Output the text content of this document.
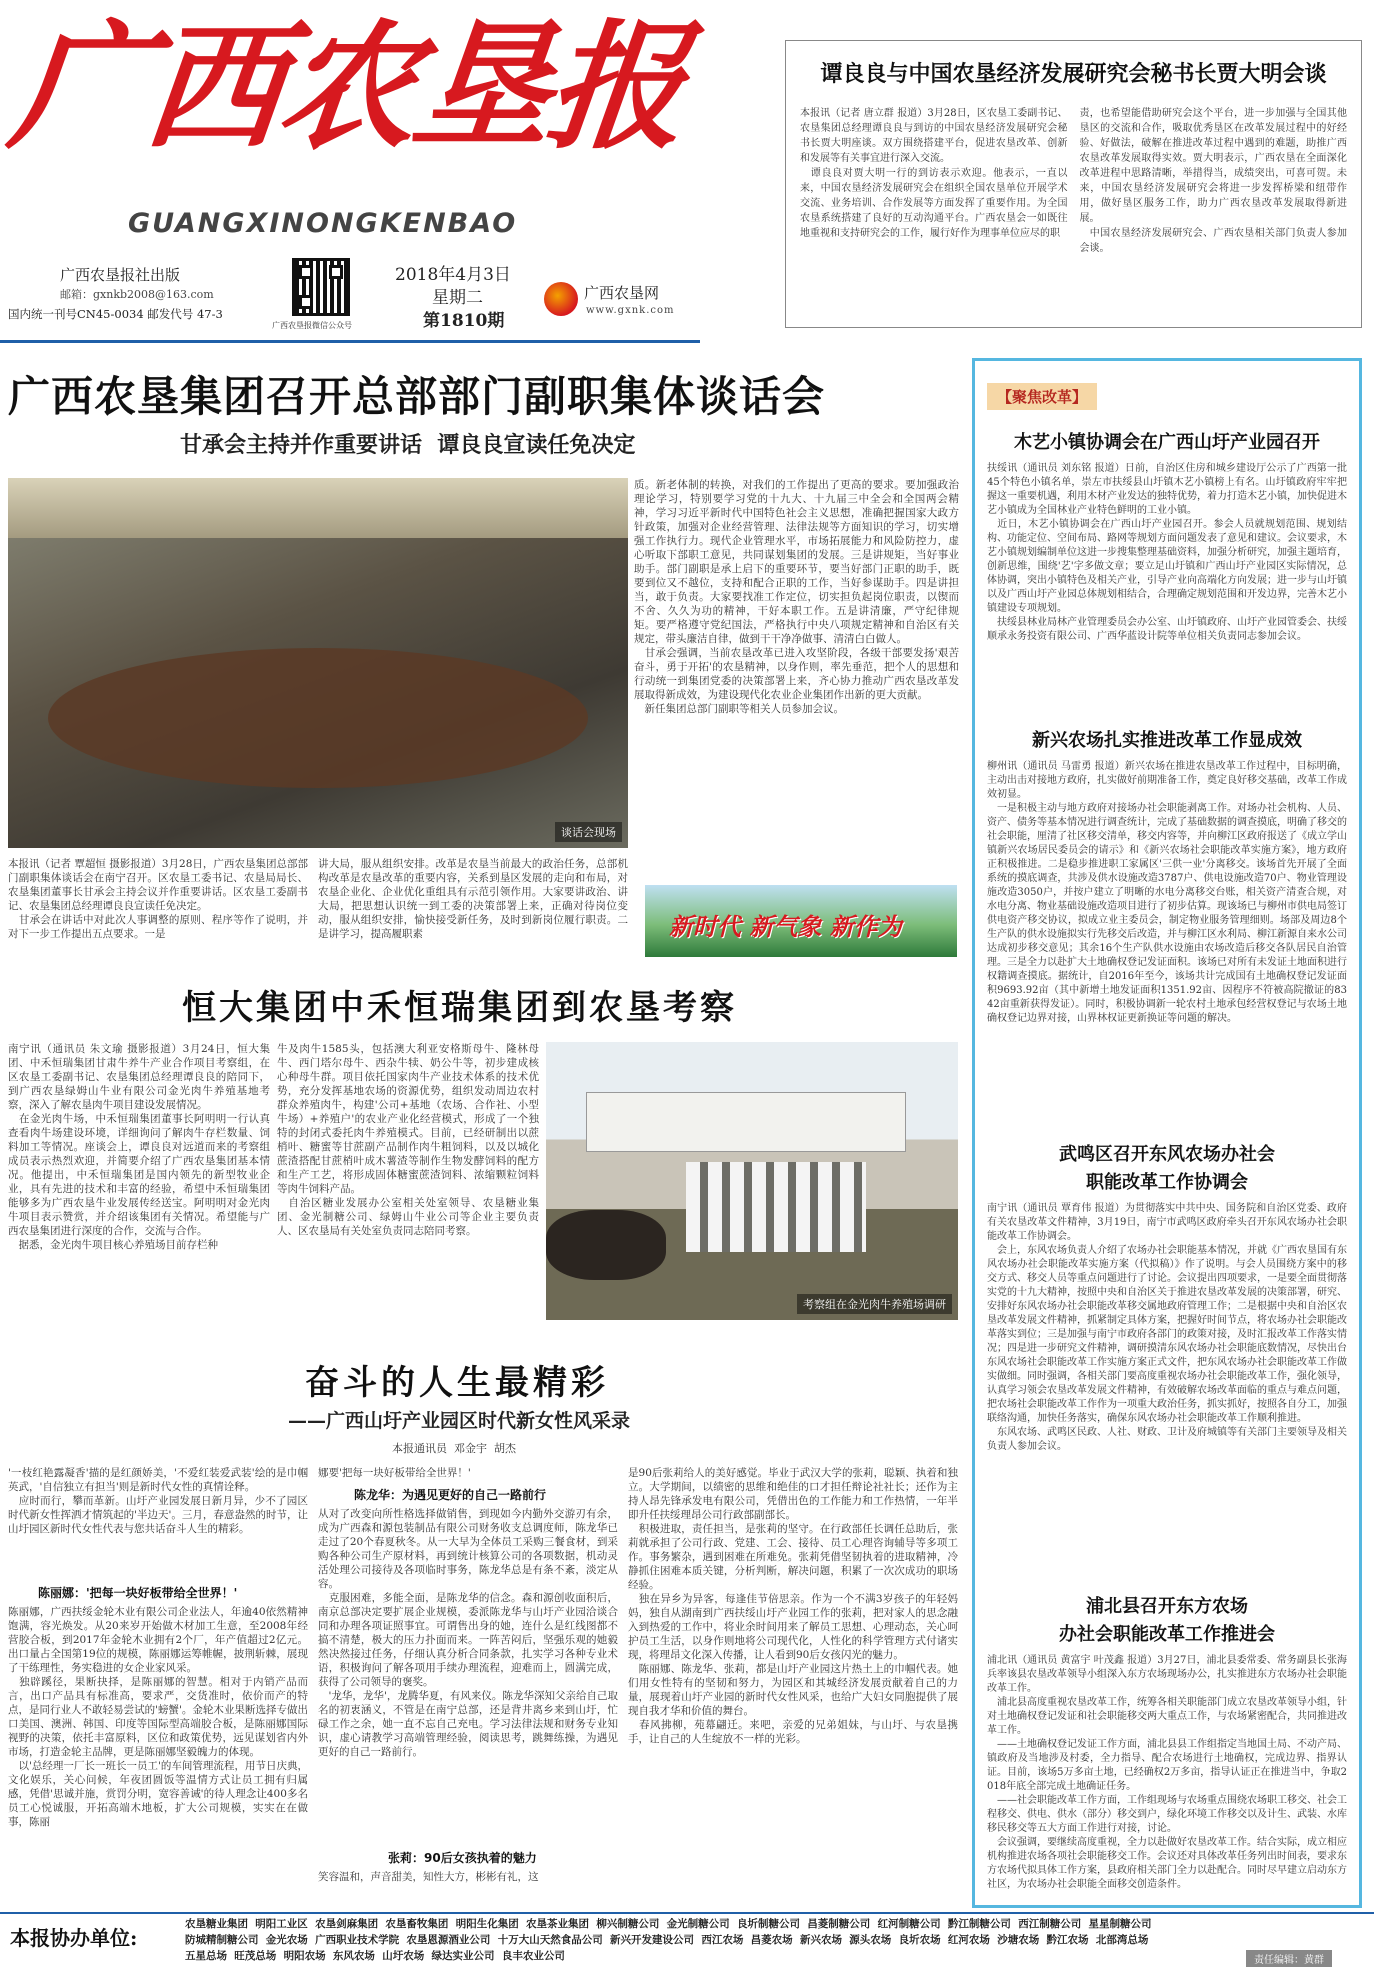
广西农垦报
GUANGXINONGKENBAO
广西农垦报社出版
邮箱：gxnkb2008@163.com
国内统一刊号CN45-0034 邮发代号 47-3
广西农垦报微信公众号
2018年4月3日
星期二
第1810期
广西农垦网
www.gxnk.com
谭良良与中国农垦经济发展研究会秘书长贾大明会谈
本报讯（记者 唐立群 报道）3月28日，区农垦工委副书记、农垦集团总经理谭良良与到访的中国农垦经济发展研究会秘书长贾大明座谈。双方围绕搭建平台，促进农垦改革、创新和发展等有关事宜进行深入交流。
　谭良良对贾大明一行的到访表示欢迎。他表示，一直以来，中国农垦经济发展研究会在组织全国农垦单位开展学术交流、业务培训、合作发展等方面发挥了重要作用。为全国农垦系统搭建了良好的互动沟通平台。广西农垦会一如既往地重视和支持研究会的工作，履行好作为理事单位应尽的职
责，也希望能借助研究会这个平台，进一步加强与全国其他垦区的交流和合作，吸取优秀垦区在改革发展过程中的好经验、好做法，破解在推进改革过程中遇到的难题，助推广西农垦改革发展取得实效。贾大明表示，广西农垦在全面深化改革进程中思路清晰，举措得当，成绩突出，可喜可贺。未来，中国农垦经济发展研究会将进一步发挥桥梁和纽带作用，做好垦区服务工作，助力广西农垦改革发展取得新进展。
　中国农垦经济发展研究会、广西农垦相关部门负责人参加会谈。
广西农垦集团召开总部部门副职集体谈话会
甘承会主持并作重要讲话  谭良良宣读任免决定
谈话会现场
质。新老体制的转换，对我们的工作提出了更高的要求。要加强政治理论学习，特别要学习党的十九大、十九届三中全会和全国两会精神，学习习近平新时代中国特色社会主义思想，准确把握国家大政方针政策，加强对企业经营管理、法律法规等方面知识的学习，切实增强工作执行力。现代企业管理水平，市场拓展能力和风险防控力，虚心听取下部职工意见，共同谋划集团的发展。三是讲规矩，当好事业助手。部门副职是承上启下的重要环节，要当好部门正职的助手，既要到位又不越位，支持和配合正职的工作，当好参谋助手。四是讲担当，敢于负责。大家要找准工作定位，切实担负起岗位职责，以锲而不舍、久久为功的精神，干好本职工作。五是讲清廉，严守纪律规矩。要严格遵守党纪国法，严格执行中央八项规定精神和自治区有关规定，带头廉洁自律，做到干干净净做事、清清白白做人。
　甘承会强调，当前农垦改革已进入攻坚阶段，各级干部要发扬'艰苦奋斗，勇于开拓'的农垦精神，以身作则，率先垂范，把个人的思想和行动统一到集团党委的决策部署上来，齐心协力推动广西农垦改革发展取得新成效，为建设现代化农业企业集团作出新的更大贡献。
　新任集团总部门副职等相关人员参加会议。
本报讯（记者 覃超恒 摄影报道）3月28日，广西农垦集团总部部门副职集体谈话会在南宁召开。区农垦工委书记、农垦局局长、农垦集团董事长甘承会主持会议并作重要讲话。区农垦工委副书记、农垦集团总经理谭良良宣读任免决定。
　甘承会在讲话中对此次人事调整的原则、程序等作了说明，并对下一步工作提出五点要求。一是
讲大局，服从组织安排。改革是农垦当前最大的政治任务，总部机构改革是农垦改革的重要内容，关系到垦区发展的走向和布局，对农垦企业化、企业优化重组具有示范引领作用。大家要讲政治、讲大局，把思想认识统一到工委的决策部署上来，正确对待岗位变动，服从组织安排，愉快接受新任务，及时到新岗位履行职责。二是讲学习，提高履职素	新时代 新气象 新作为
恒大集团中禾恒瑞集团到农垦考察
南宁讯（通讯员 朱文瑜 摄影报道）3月24日，恒大集团、中禾恒瑞集团甘肃牛养牛产业合作项目考察组，在区农垦工委副书记、农垦集团总经理谭良良的陪同下，到广西农垦绿姆山牛业有限公司金光肉牛养殖基地考察，深入了解农垦肉牛项目建设发展情况。
　在金光肉牛场，中禾恒瑞集团董事长阿明明一行认真查看肉牛场建设环境，详细询问了解肉牛存栏数量、饲料加工等情况。座谈会上，谭良良对远道而来的考察组成员表示热烈欢迎，并简要介绍了广西农垦集团基本情况。他提出，中禾恒瑞集团是国内领先的新型牧业企业，具有先进的技术和丰富的经验，希望中禾恒瑞集团能够多为广西农垦牛业发展传经送宝。阿明明对金光肉牛项目表示赞赏，并介绍该集团有关情况。希望能与广西农垦集团进行深度的合作，交流与合作。
　据悉，金光肉牛项目核心养殖场目前存栏种
牛及肉牛1585头，包括澳大利亚安格斯母牛、隆林母牛、西门塔尔母牛、西杂牛犊、奶公牛等，初步建成核心种母牛群。项目依托国家肉牛产业技术体系的技术优势，充分发挥基地农场的资源优势，组织发动周边农村群众养殖肉牛，构建'公司+基地（农场、合作社、小型牛场）+养殖户'的农业产业化经营模式，形成了一个独特的封闭式委托肉牛养殖模式。目前，已经研制出以蔗梢叶、糖蜜等甘蔗副产品制作肉牛粗饲料，以及以城化蔗渣搭配甘蔗梢叶成木薯渣等制作生物发酵饲料的配方和生产工艺，将形成固体糖蜜蔗渣饲料、浓缩颗粒饲料等肉牛饲料产品。
　自治区糖业发展办公室相关处室领导、农垦糖业集团、金光制糖公司、绿姆山牛业公司等企业主要负责人、区农垦局有关处室负责同志陪同考察。
考察组在金光肉牛养殖场调研
奋斗的人生最精彩
——广西山圩产业园区时代新女性风采录
本报通讯员  邓金宇  胡杰
'一枝红艳露凝香'描的是红颜娇美，'不爱红装爱武装'绘的是巾帼英武，'自信独立有担当'则是新时代女性的真情诠释。
　应时而行，攀而革新。山圩产业园发展日新月异，少不了园区时代新女性挥洒才情筑起的'半边天'。三月，春意盎然的时节，让山圩园区新时代女性代表与您共话奋斗人生的精彩。
陈丽娜：'把每一块好板带给全世界！'
陈丽娜，广西扶绥金轮木业有限公司企业法人，年逾40依然精神饱满，容光焕发。从20来岁开始做木材加工生意，至2008年经营胶合板，到2017年金轮木业拥有2个厂，年产值超过2亿元。出口量占全国第19位的规模，陈丽娜运筹帷幄，披荆斩棘，展现了干练理性，务实稳进的女企业家风采。
　独辟蹊径，果断抉择，是陈丽娜的智慧。相对于内销产品而言，出口产品具有标准高，要求严，交货准时，依价而产的特点，是同行业人不敢轻易尝试的'螃蟹'。金轮木业果断选择专做出口美国、澳洲、韩国、印度等国际型高端胶合板，是陈丽娜国际视野的决策，依托丰富原料，区位和政策优势，远见谋划省内外市场，打造金轮主品牌，更是陈丽娜坚毅魄力的体现。
　以'总经理一厂长一班长一员工'的车间管理流程，用节日庆典，文化娱乐，关心问候，年夜团圆饭等温情方式让员工拥有归属感，凭借'思诚并施，赏罚分明，宽容善诫'的待人理念让400多名员工心悦诚服，开拓高端木地板，扩大公司规模，实实在在做事，陈丽
娜要'把每一块好板带给全世界！'
陈龙华：为遇见更好的自己一路前行
从对了改变向所性格选择做销售，到现如今内勤外交游刃有余，成为广西森和源包装制品有限公司财务收支总调度师，陈龙华已走过了20个春夏秋冬。从一大早为全体员工采购三餐食材，到采购各种公司生产原材料，再到统计核算公司的各项数据，机动灵活处理公司接待及各项临时事务，陈龙华总是有条不紊，淡定从容。
　克服困难，多能全面，是陈龙华的信念。森和源创收面积后，南京总部决定要扩展企业规模，委派陈龙华与山圩产业园洽谈合同和办理各项证照事宜。可谓售出身的她，连什么是红线图都不搞不清楚，极大的压力扑面而来。一阵苦闷后，坚强乐观的她毅然决然接过任务，仔细认真分析合同条款，扎实学习各种专业术语，积极询问了解各项用手续办理流程，迎难而上，圆满完成，获得了公司领导的褒奖。
　'龙华，龙华'，龙腾华夏，有风来仪。陈龙华深知父亲给自己取名的初衷涵义，不管是在南宁总部，还是背井离乡来到山圩，忙碌工作之余，她一直不忘自己充电。学习法律法规和财务专业知识，虚心请教学习高端管理经验，阅读思考，跳舞练操，为遇见更好的自己一路前行。
张莉：90后女孩执着的魅力
笑容温和，声音甜美，知性大方，彬彬有礼，这
是90后张莉给人的美好感觉。毕业于武汉大学的张莉，聪颖、执着和独立。大学期间，以绩密的思维和绝佳的口才担任辩论社社长；还作为主持人昂先锋承发电有限公司，凭借出色的工作能力和工作热情，一年半即升任扶绥理昂公司行政部副部长。
　积极进取，责任担当，是张莉的坚守。在行政部任长调任总助后，张莉就承担了公司行政、党建、工会、接待、员工心理咨询辅导等多项工作。事务繁杂，遇到困难在所难免。张莉凭借坚韧执着的进取精神，冷静抓住困难本质关键，分析判断，解决问题，积累了一次次成功的职场经验。
　独在异乡为异客，每逢佳节倍思亲。作为一个不满3岁孩子的年轻妈妈，独自从湖南到广西扶绥山圩产业园工作的张莉，把对家人的思念融入到热爱的工作中，将业余时间用来了解员工思想、心理动态，关心呵护员工生活，以身作则地将公司现代化，人性化的科学管理方式付诸实现，将理昂文化深入传播，让人看到90后女孩闪光的魅力。
　陈丽娜、陈龙华、张莉，都是山圩产业园这片热土上的巾帼代表。她们用女性特有的坚韧和努力，为园区和其城经济发展贡献着自己的力量，展现着山圩产业园的新时代女性风采，也给广大妇女同胞提供了展现自我才华和价值的舞台。
　春风拂柳，苑幕翩迁。来吧，亲爱的兄弟姐妹，与山圩、与农垦携手，让自己的人生绽放不一样的光彩。
【聚焦改革】
木艺小镇协调会在广西山圩产业园召开
扶绥讯（通讯员 刘东铭 报道）日前，自治区住房和城乡建设厅公示了广西第一批45个特色小镇名单，崇左市扶绥县山圩镇木艺小镇榜上有名。山圩镇政府牢牢把握这一重要机遇，利用木材产业发达的独特优势，着力打造木艺小镇，加快促进木艺小镇成为全国林业产业特色鲜明的工业小镇。
　近日，木艺小镇协调会在广西山圩产业园召开。参会人员就规划范围、规划结构、功能定位、空间布局、路网等规划方面问题发表了意见和建议。会议要求，木艺小镇规划编制单位这进一步搜集整理基础资料，加强分析研究，加强主题培育，创新思维，围绕'艺'字多做文章；要立足山圩镇和广西山圩产业园区实际情况，总体协调，突出小镇特色及相关产业，引导产业向高端化方向发展；进一步与山圩镇以及广西山圩产业园总体规划相结合，合理确定规划范围和开发边界，完善木艺小镇建设专项规划。
　扶绥县林业局林产业管理委员会办公室、山圩镇政府、山圩产业园管委会、扶绥顺承永务投资有限公司、广西华蓝设计院等单位相关负责同志参加会议。
新兴农场扎实推进改革工作显成效
柳州讯（通讯员 马雷勇 报道）新兴农场在推进农垦改革工作过程中，目标明确，主动出击对接地方政府，扎实做好前期准备工作，奠定良好移交基础，改革工作成效初显。
　一是积极主动与地方政府对接场办社会职能剥离工作。对场办社会机构、人员、资产、债务等基本情况进行调查统计，完成了基础数据的调查摸底，明确了移交的社会职能，厘清了社区移交清单，移交内容等，并向柳江区政府报送了《成立学山镇新兴农场居民委员会的请示》和《新兴农场社会职能改革实施方案》，地方政府正积极推进。二是稳步推进职工家属区'三供一业'分离移交。该场首先开展了全面系统的摸底调查，共涉及供水设施改造3787户、供电设施改造70户、物业管理设施改造3050户，并按户建立了明晰的水电分离移交台账，相关资产清查合规，对水电分离、物业基础设施改造项目进行了初步估算。现该场已与柳州市供电局签订供电资产移交协议，拟成立业主委员会，制定物业服务管理细则。场部及周边8个生产队的供水设施拟实行先移交后改造，并与柳江区水利局、柳江新源自来水公司达成初步移交意见；其余16个生产队供水设施由农场改造后移交各队居民自治管理。三是全力以赴扩大土地确权登记发证面积。该场已对所有未发证土地面积进行权籍调查摸底。据统计，自2016年至今，该场共计完成国有土地确权登记发证面积9693.92亩（其中新增土地发证面积1351.92亩、因程序不符被高院撤证的8342亩重新获得发证）。同时，积极协调新一轮农村土地承包经营权登记与农场土地确权登记边界对接，山界林权证更新换证等问题的解决。
武鸣区召开东风农场办社会
职能改革工作协调会
南宁讯（通讯员 覃育伟 报道）为贯彻落实中共中央、国务院和自治区党委、政府有关农垦改革文件精神，3月19日，南宁市武鸣区政府牵头召开东风农场办社会职能改革工作协调会。
　会上，东风农场负责人介绍了农场办社会职能基本情况，并就《广西农垦国有东风农场办社会职能改革实施方案（代拟稿）》作了说明。与会人员围绕方案中的移交方式、移交人员等重点问题进行了讨论。会议提出四项要求，一是要全面贯彻落实党的十九大精神，按照中央和自治区关于推进农垦改革发展的决策部署，研究、安排好东风农场办社会职能改革移交属地政府管理工作；二是根据中央和自治区农垦改革发展文件精神，抓紧制定具体方案，把握好时间节点，将农场办社会职能改革落实到位；三是加强与南宁市政府各部门的政策对接，及时汇报改革工作落实情况；四是进一步研究文件精神，调研摸清东风农场办社会职能底数情况，尽快出台东风农场社会职能改革工作实施方案正式文件，把东风农场办社会职能改革工作做实做细。同时强调，各相关部门要高度重视农场办社会职能改革工作，强化领导，认真学习领会农垦改革发展文件精神，有效破解农场改革面临的重点与难点问题，把农场社会职能改革工作作为一项重大政治任务，抓实抓好，按照各自分工，加强联络沟通，加快任务落实，确保东风农场办社会职能改革工作顺利推进。
　东风农场、武鸣区民政、人社、财政、卫计及府城镇等有关部门主要领导及相关负责人参加会议。
浦北县召开东方农场
办社会职能改革工作推进会
浦北讯（通讯员 黄富宇 叶茂鑫 报道）3月27日，浦北县委常委、常务副县长张海兵率该县农垦改革领导小组深入东方农场现场办公，扎实推进东方农场办社会职能改革工作。
　浦北县高度重视农垦改革工作，统筹各相关职能部门成立农垦改革领导小组，针对土地确权登记发证和社会职能移交两大重点工作，与农场紧密配合，共同推进改革工作。
　——土地确权登记发证工作方面，浦北县县工作组指定当地国土局、不动产局、镇政府及当地涉及村委，全力指导、配合农场进行土地确权，完成边界、指界认证。目前，该场5万多亩土地，已经确权2万多亩，指导认证正在推进当中，争取2018年底全部完成土地确证任务。
　——社会职能改革工作方面，工作组现场与农场重点围绕农场职工移交、社会工程移交、供电、供水（部分）移交到户，绿化环境工作移交以及计生、武装、水库移民移交等五大方面工作进行对接，讨论。
　会议强调，要继续高度重视，全力以赴做好农垦改革工作。结合实际，成立相应机构推进农场各项社会职能移交工作。会议还对具体改革任务列出时间表，要求东方农场代拟具体工作方案，县政府相关部门全力以赴配合。同时尽早建立启动东方社区，为农场办社会职能全面移交创造条件。
本报协办单位:
农垦糖业集团  明阳工业区  农垦剑麻集团  农垦畜牧集团  明阳生化集团  农垦茶业集团  柳兴制糖公司  金光制糖公司  良圻制糖公司  昌菱制糖公司  红河制糖公司  黔江制糖公司  西江制糖公司  星星制糖公司
防城精制糖公司  金光农场  广西职业技术学院  农垦恩源酒业公司  十万大山天然食品公司  新兴开发建设公司  西江农场  昌菱农场  新兴农场  源头农场  良圻农场  红河农场  沙塘农场  黔江农场  北部湾总场
五星总场  旺茂总场  明阳农场  东风农场  山圩农场  绿达实业公司  良丰农业公司	责任编辑：黄群
